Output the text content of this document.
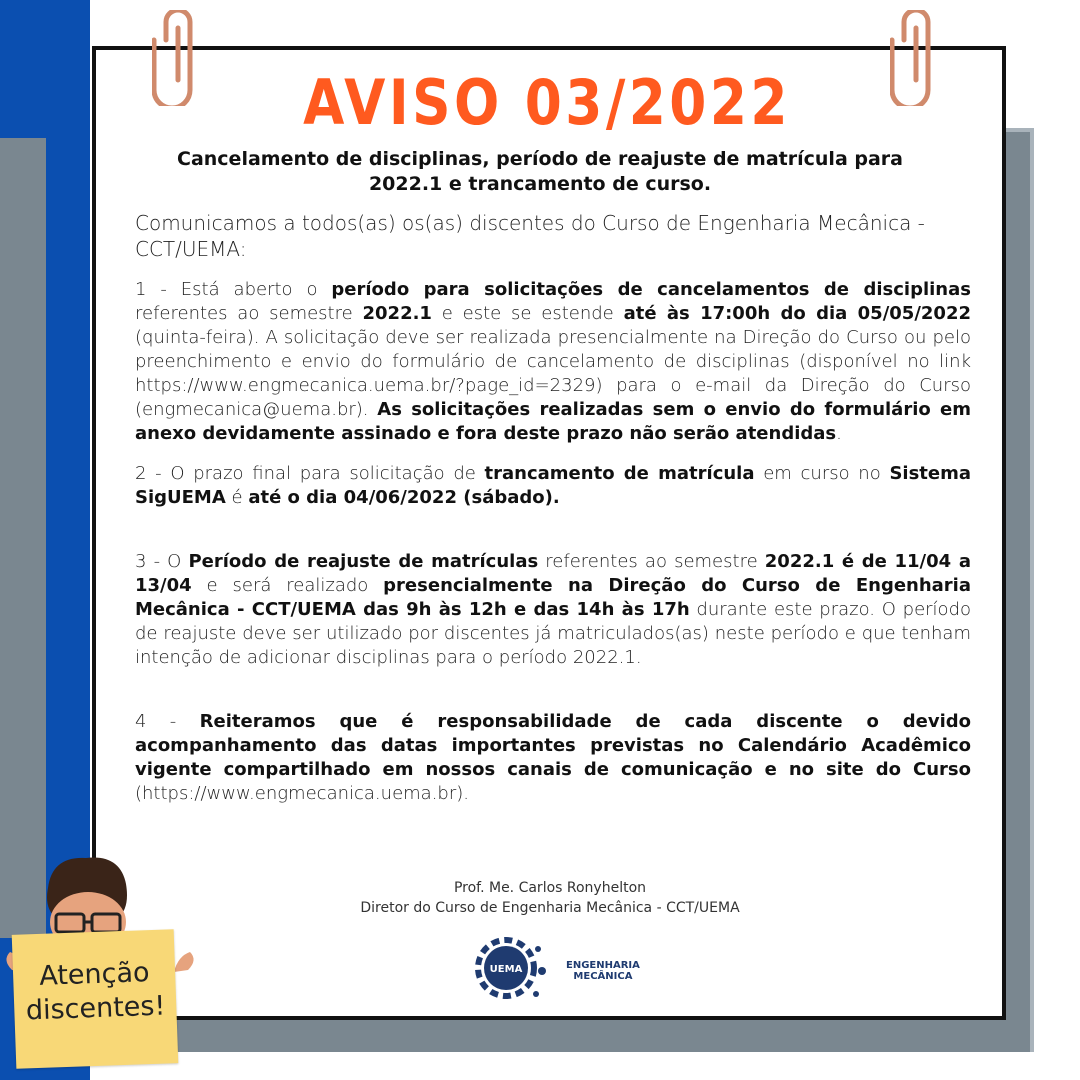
AVISO 03/2022
Cancelamento de disciplinas, período de reajuste de matrícula para 2022.1 e trancamento de curso.

Comunicamos a todos(as) os(as) discentes do Curso de Engenharia Mecânica - CCT/UEMA:

1 - Está aberto o período para solicitações de cancelamentos de disciplinas referentes ao semestre 2022.1 e este se estende até às 17:00h do dia 05/05/2022 (quinta-feira). A solicitação deve ser realizada presencialmente na Direção do Curso ou pelo preenchimento e envio do formulário de cancelamento de disciplinas (disponível no link https://www.engmecanica.uema.br/?page_id=2329) para o e-mail da Direção do Curso (engmecanica@uema.br). As solicitações realizadas sem o envio do formulário em anexo devidamente assinado e fora deste prazo não serão atendidas.

2 - O prazo final para solicitação de trancamento de matrícula em curso no Sistema SigUEMA é até o dia 04/06/2022 (sábado).

3 - O Período de reajuste de matrículas referentes ao semestre 2022.1 é de 11/04 a 13/04 e será realizado presencialmente na Direção do Curso de Engenharia Mecânica - CCT/UEMA das 9h às 12h e das 14h às 17h durante este prazo. O período de reajuste deve ser utilizado por discentes já matriculados(as) neste período e que tenham intenção de adicionar disciplinas para o período 2022.1.

4 - Reiteramos que é responsabilidade de cada discente o devido acompanhamento das datas importantes previstas no Calendário Acadêmico vigente compartilhado em nossos canais de comunicação e no site do Curso (https://www.engmecanica.uema.br).

Prof. Me. Carlos Ronyhelton
Diretor do Curso de Engenharia Mecânica - CCT/UEMA
UEMA	ENGENHARIA
MECÂNICA
Atenção
discentes!
